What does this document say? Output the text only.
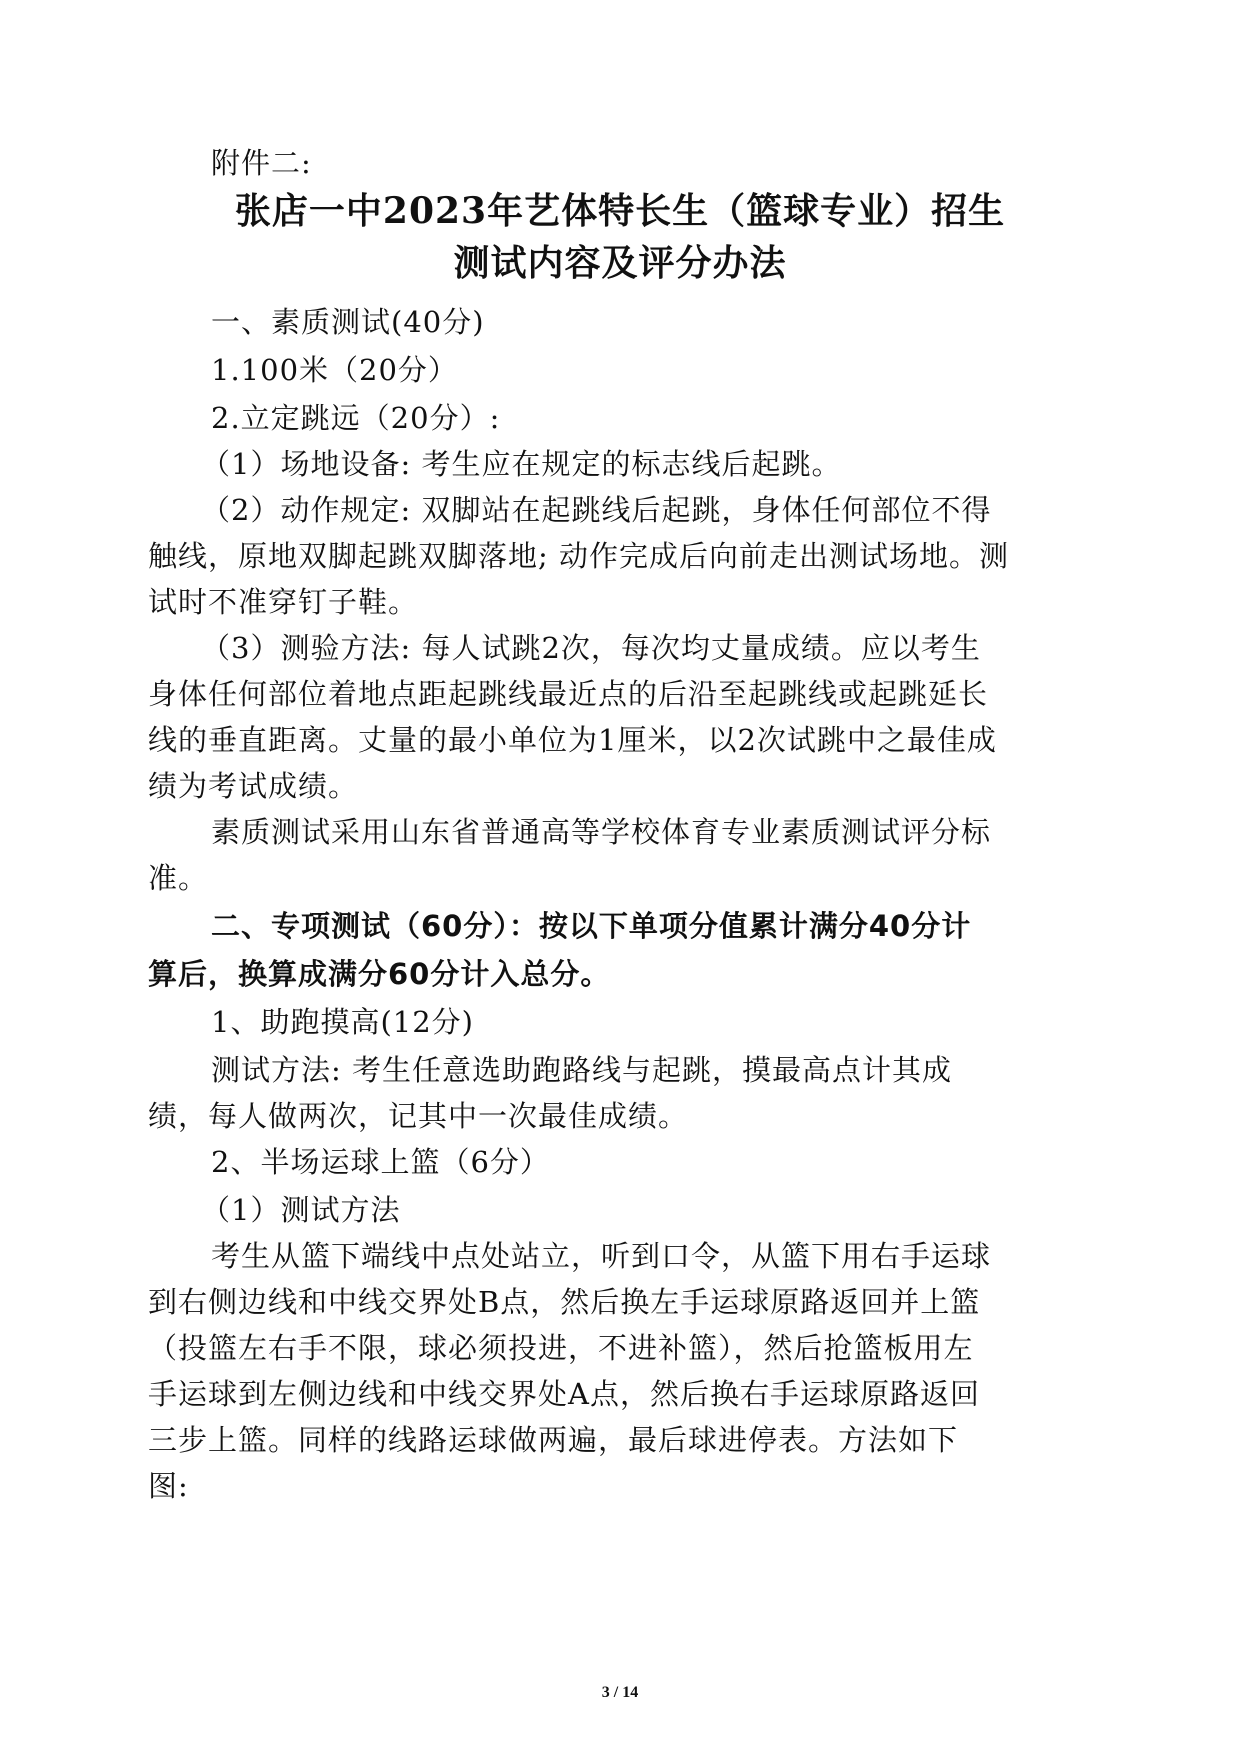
附件二:
张店一中2023年艺体特长生（篮球专业）招生
测试内容及评分办法
一、素质测试(40分)
1.100米（20分）
2.立定跳远（20分）:
（1）场地设备: 考生应在规定的标志线后起跳。
（2）动作规定: 双脚站在起跳线后起跳，身体任何部位不得
触线，原地双脚起跳双脚落地; 动作完成后向前走出测试场地。测
试时不准穿钉子鞋。
（3）测验方法: 每人试跳2次，每次均丈量成绩。应以考生
身体任何部位着地点距起跳线最近点的后沿至起跳线或起跳延长
线的垂直距离。丈量的最小单位为1厘米，以2次试跳中之最佳成
绩为考试成绩。
素质测试采用山东省普通高等学校体育专业素质测试评分标
准。
二、专项测试（60分）：按以下单项分值累计满分40分计
算后，换算成满分60分计入总分。
1、助跑摸高(12分)
测试方法: 考生任意选助跑路线与起跳，摸最高点计其成
绩，每人做两次，记其中一次最佳成绩。
2、半场运球上篮（6分）
（1）测试方法
考生从篮下端线中点处站立，听到口令，从篮下用右手运球
到右侧边线和中线交界处B点，然后换左手运球原路返回并上篮
（投篮左右手不限，球必须投进，不进补篮），然后抢篮板用左
手运球到左侧边线和中线交界处A点，然后换右手运球原路返回
三步上篮。同样的线路运球做两遍，最后球进停表。方法如下
图:
3 / 14
